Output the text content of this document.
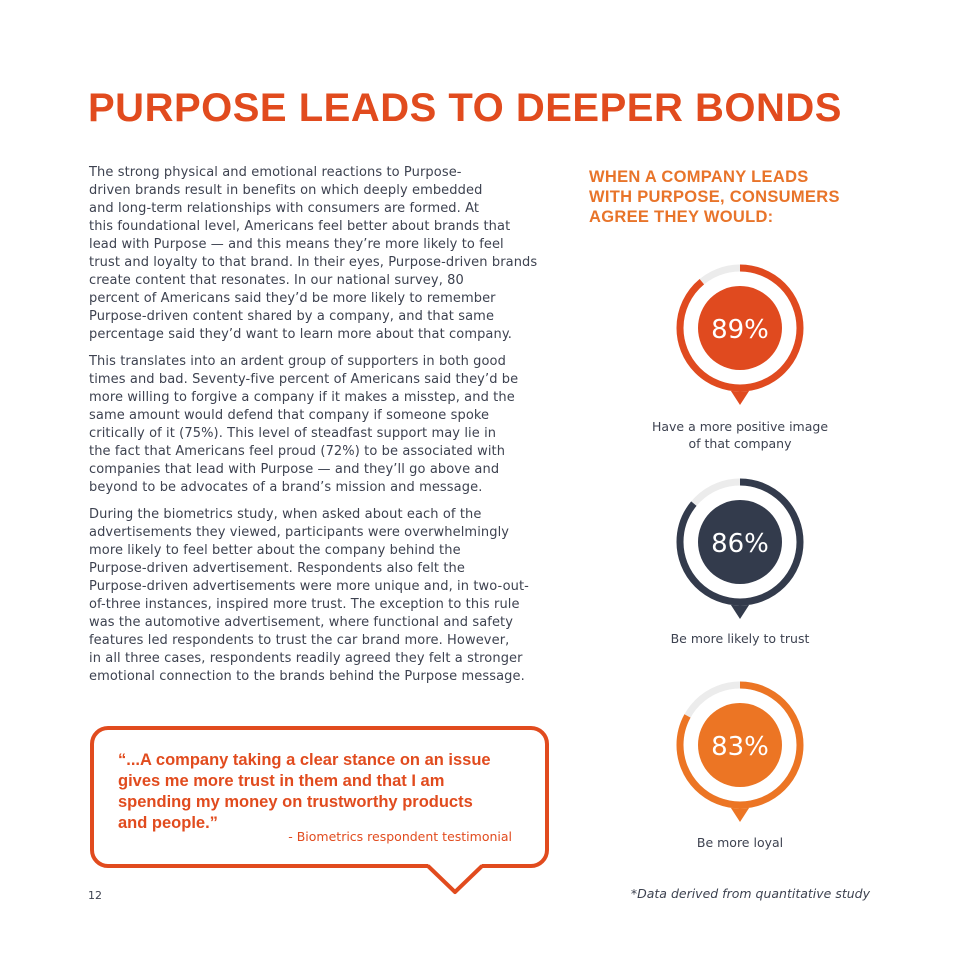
PURPOSE LEADS TO DEEPER BONDS

The strong physical and emotional reactions to Purpose-
driven brands result in benefits on which deeply embedded
and long-term relationships with consumers are formed. At
this foundational level, Americans feel better about brands that
lead with Purpose — and this means they’re more likely to feel
trust and loyalty to that brand. In their eyes, Purpose-driven brands
create content that resonates. In our national survey, 80
percent of Americans said they’d be more likely to remember
Purpose-driven content shared by a company, and that same
percentage said they’d want to learn more about that company.

This translates into an ardent group of supporters in both good
times and bad. Seventy-five percent of Americans said they’d be
more willing to forgive a company if it makes a misstep, and the
same amount would defend that company if someone spoke
critically of it (75%). This level of steadfast support may lie in
the fact that Americans feel proud (72%) to be associated with
companies that lead with Purpose — and they’ll go above and
beyond to be advocates of a brand’s mission and message.

During the biometrics study, when asked about each of the
advertisements they viewed, participants were overwhelmingly
more likely to feel better about the company behind the
Purpose-driven advertisement. Respondents also felt the
Purpose-driven advertisements were more unique and, in two-out-
of-three instances, inspired more trust. The exception to this rule
was the automotive advertisement, where functional and safety
features led respondents to trust the car brand more. However,
in all three cases, respondents readily agreed they felt a stronger
emotional connection to the brands behind the Purpose message.

“...A company taking a clear stance on an issue
gives me more trust in them and that I am
spending my money on trustworthy products
and people.”
- Biometrics respondent testimonial
WHEN A COMPANY LEADS
WITH PURPOSE, CONSUMERS
AGREE THEY WOULD:
89%
Have a more positive image
of that company
86%
Be more likely to trust
83%
Be more loyal
12	*Data derived from quantitative study
